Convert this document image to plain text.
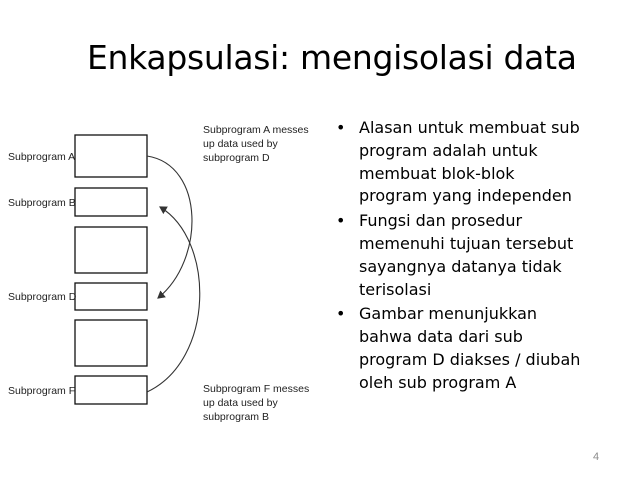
Enkapsulasi: mengisolasi data
Subprogram A
Subprogram B
Subprogram D
Subprogram F
Subprogram A messes
up data used by
subprogram D
Subprogram F messes
up data used by
subprogram B
• Alasan untuk membuat sub
program adalah untuk
membuat blok-blok
program yang independen
• Fungsi dan prosedur
memenuhi tujuan tersebut
sayangnya datanya tidak
terisolasi
• Gambar menunjukkan
bahwa data dari sub
program D diakses / diubah
oleh sub program A
4
